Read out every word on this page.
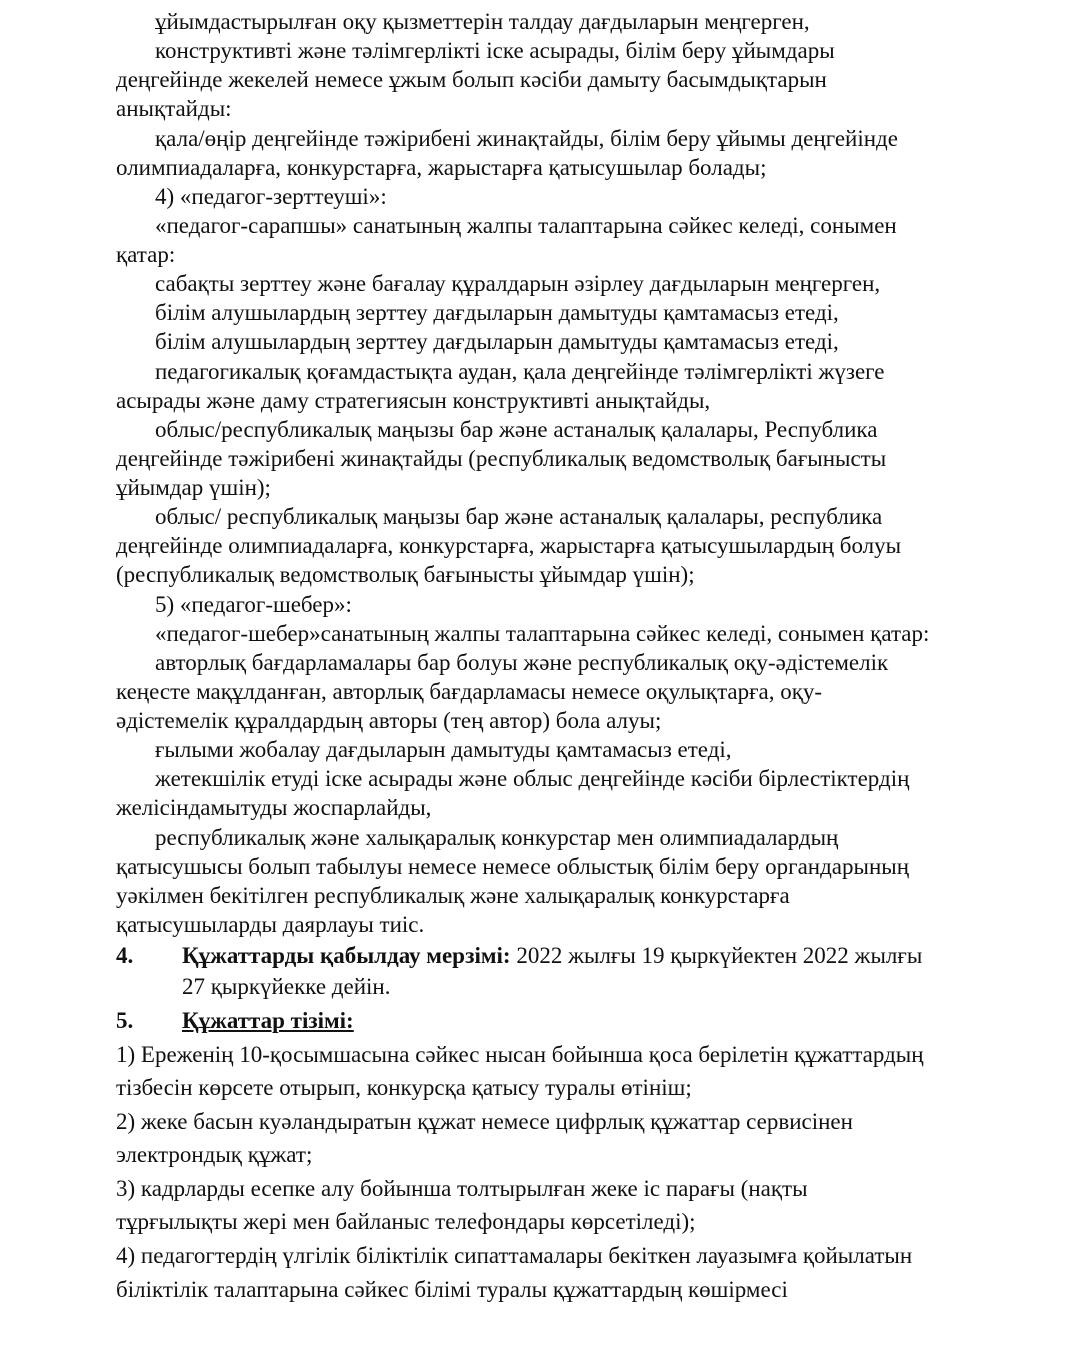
ұйымдастырылған оқу қызметтерін талдау дағдыларын меңгерген,

конструктивті және тәлімгерлікті іске асырады, білім беру ұйымдары

деңгейінде жекелей немесе ұжым болып кәсіби дамыту басымдықтарын

анықтайды:

қала/өңір деңгейінде тәжірибені жинақтайды, білім беру ұйымы деңгейінде

олимпиадаларға, конкурстарға, жарыстарға қатысушылар болады;

4) «педагог-зерттеуші»:

«педагог-сарапшы» санатының жалпы талаптарына сәйкес келеді, сонымен

қатар:

сабақты зерттеу және бағалау құралдарын әзірлеу дағдыларын меңгерген,

білім алушылардың зерттеу дағдыларын дамытуды қамтамасыз етеді,

білім алушылардың зерттеу дағдыларын дамытуды қамтамасыз етеді,

педагогикалық қоғамдастықта аудан, қала деңгейінде тәлімгерлікті жүзеге

асырады және даму стратегиясын конструктивті анықтайды,

облыс/республикалық маңызы бар және астаналық қалалары, Республика

деңгейінде тәжірибені жинақтайды (республикалық ведомстволық бағынысты

ұйымдар үшін);

облыс/ республикалық маңызы бар және астаналық қалалары, республика

деңгейінде олимпиадаларға, конкурстарға, жарыстарға қатысушылардың болуы

(республикалық ведомстволық бағынысты ұйымдар үшін);

5) «педагог-шебер»:

«педагог-шебер»санатының жалпы талаптарына сәйкес келеді, сонымен қатар:

авторлық бағдарламалары бар болуы және республикалық оқу-әдістемелік

кеңесте мақұлданған, авторлық бағдарламасы немесе оқулықтарға, оқу-

әдістемелік құралдардың авторы (тең автор) бола алуы;

ғылыми жобалау дағдыларын дамытуды қамтамасыз етеді,

жетекшілік етуді іске асырады және облыс деңгейінде кәсіби бірлестіктердің

желісіндамытуды жоспарлайды,

республикалық және халықаралық конкурстар мен олимпиадалардың

қатысушысы болып табылуы немесе немесе облыстық білім беру органдарының

уәкілмен бекітілген республикалық және халықаралық конкурстарға

қатысушыларды даярлауы тиіс.

4. Құжаттарды қабылдау мерзімі: 2022 жылғы 19 қыркүйектен 2022 жылғы

27 қыркүйекке дейін.

5. Құжаттар тізімі:

1) Ереженің 10-қосымшасына сәйкес нысан бойынша қоса берілетін құжаттардың

тізбесін көрсете отырып, конкурсқа қатысу туралы өтініш;

2) жеке басын куәландыратын құжат немесе цифрлық құжаттар сервисінен

электрондық құжат;

3) кадрларды есепке алу бойынша толтырылған жеке іс парағы (нақты

тұрғылықты жері мен байланыс телефондары көрсетіледі);

4) педагогтердің үлгілік біліктілік сипаттамалары бекіткен лауазымға қойылатын

біліктілік талаптарына сәйкес білімі туралы құжаттардың көшірмесі
